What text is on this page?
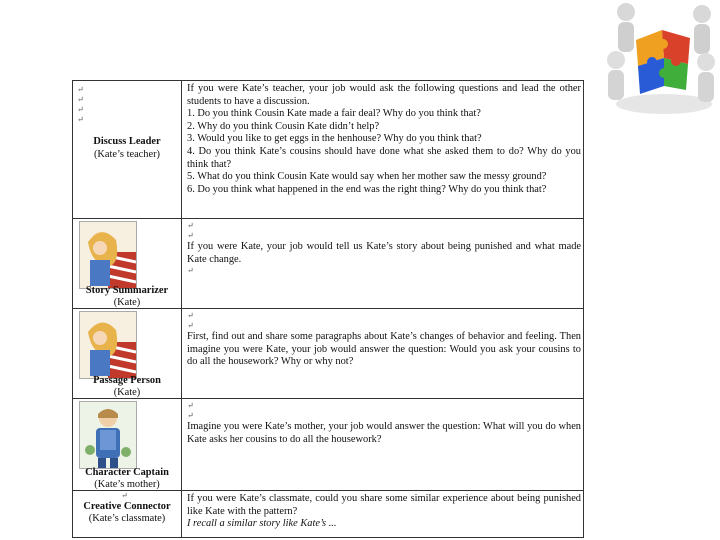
↵
↵
↵
↵
Discuss Leader
(Kate’s teacher)

If you were Kate’s teacher, your job would ask the following questions and lead the other students to have a discussion.

1. Do you think Cousin Kate made a fair deal? Why do you think that?

2. Why do you think Cousin Kate didn’t help?

3. Would you like to get eggs in the henhouse? Why do you think that?

4. Do you think Kate’s cousins should have done what she asked them to do? Why do you think that?

5. What do you think Cousin Kate would say when her mother saw the messy ground?

6. Do you think what happened in the end was the right thing? Why do you think that?

Story Summarizer
(Kate)
↵
↵

If you were Kate, your job would tell us Kate’s story about being punished and what made Kate change.

↵
Passage Person
(Kate)
↵
↵

First, find out and share some paragraphs about Kate’s changes of behavior and feeling. Then imagine you were Kate, your job would answer the question: Would you ask your cousins to do all the housework? Why or why not?

Character Captain
(Kate’s mother)
↵
↵

Imagine you were Kate’s mother, your job would answer the question: What will you do when Kate asks her cousins to do all the housework?

↵
Creative Connector
(Kate’s classmate)

If you were Kate’s classmate, could you share some similar experience about being punished like Kate with the pattern?

I recall a similar story like Kate’s ...
